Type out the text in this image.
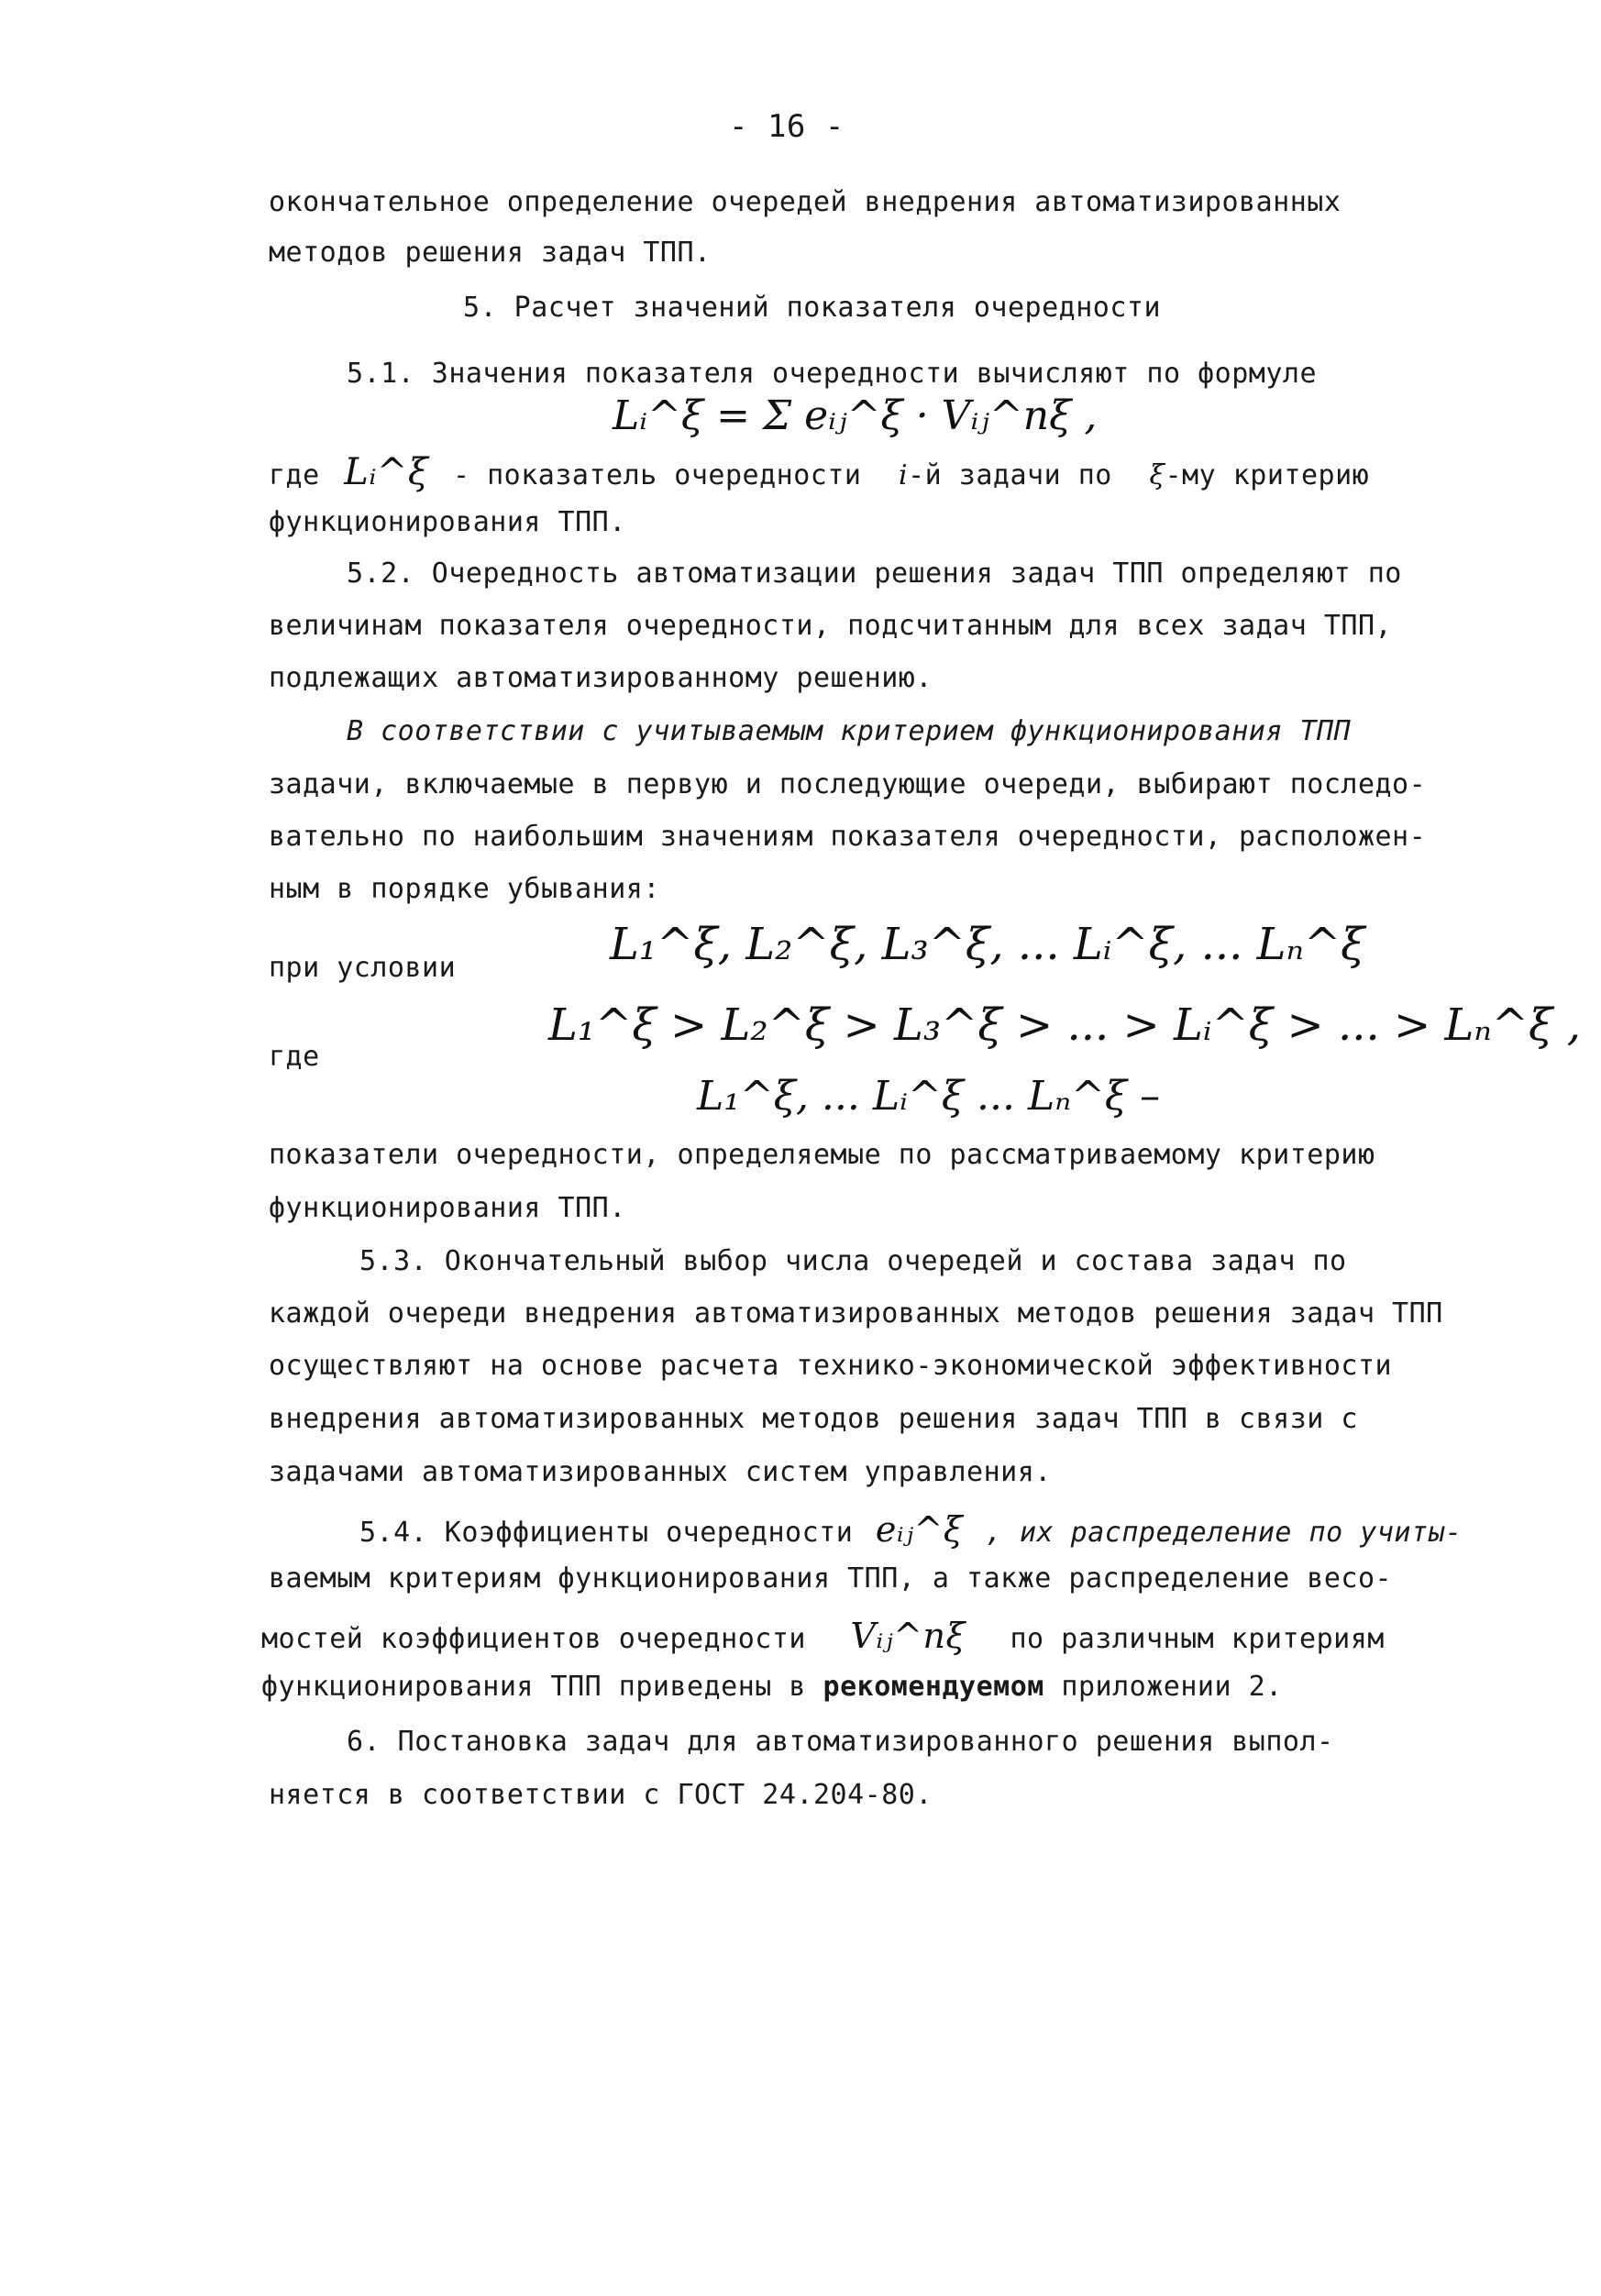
- 16 -
окончательное определение очередей внедрения автоматизированных
методов решения задач ТПП.
5. Расчет значений показателя очередности
5.1. Значения показателя очередности вычисляют по формуле
Lᵢ^ξ = Σ eᵢⱼ^ξ · Vᵢⱼ^nξ ,
где Lᵢ^ξ - показатель очередности i-й задачи по ξ-му критерию
функционирования ТПП.
5.2. Очередность автоматизации решения задач ТПП определяют по
величинам показателя очередности, подсчитанным для всех задач ТПП,
подлежащих автоматизированному решению.
В соответствии с учитываемым критерием функционирования ТПП
задачи, включаемые в первую и последующие очереди, выбирают последо-
вательно по наибольшим значениям показателя очередности, расположен-
ным в порядке убывания:
L₁^ξ, L₂^ξ, L₃^ξ, ... Lᵢ^ξ, ... Lₙ^ξ
при условии
L₁^ξ > L₂^ξ > L₃^ξ > ... > Lᵢ^ξ > ... > Lₙ^ξ ,
где
L₁^ξ, ... Lᵢ^ξ ... Lₙ^ξ –
показатели очередности, определяемые по рассматриваемому критерию
функционирования ТПП.
5.3. Окончательный выбор числа очередей и состава задач по
каждой очереди внедрения автоматизированных методов решения задач ТПП
осуществляют на основе расчета технико-экономической эффективности
внедрения автоматизированных методов решения задач ТПП в связи с
задачами автоматизированных систем управления.
5.4. Коэффициенты очередности eᵢⱼ^ξ , их распределение по учиты-
ваемым критериям функционирования ТПП, а также распределение весо-
мостей коэффициентов очередности Vᵢⱼ^nξ по различным критериям
функционирования ТПП приведены в рекомендуемом приложении 2.
6. Постановка задач для автоматизированного решения выпол-
няется в соответствии с ГОСТ 24.204-80.
